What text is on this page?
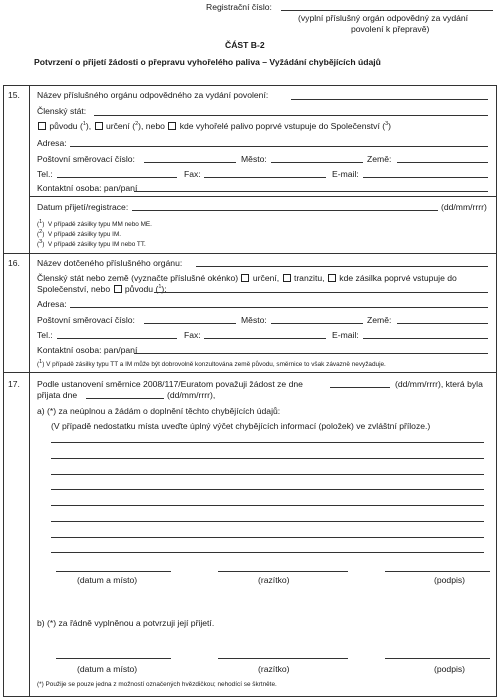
Registrační číslo:
(vyplní příslušný orgán odpovědný za vydání
povolení k přepravě)
ČÁST B-2
Potvrzení o přijetí žádosti o přepravu vyhořelého paliva – Vyžádání chybějících údajů
15. Název příslušného orgánu odpovědného za vydání povolení:
Členský stát:
původu ($^1$),  určení ($^2$), nebo  kde vyhořelé palivo poprvé vstupuje do Společenství ($^3$)
Adresa:
Poštovní směrovací číslo:	Město:	Země:
Tel.:	Fax:	E-mail:
Kontaktní osoba: pan/paní
Datum přijetí/registrace:	(dd/mm/rrrr)
($^1$)  V případě zásilky typu MM nebo ME.
($^2$)  V případě zásilky typu IM.
($^3$)  V případě zásilky typu IM nebo TT.
16. Název dotčeného příslušného orgánu:
Členský stát nebo země (vyznačte příslušné okénko) určení, tranzitu, kde zásilka poprvé vstupuje do
Společenství, nebo původu ($^1$):
Adresa:
Poštovní směrovací číslo:	Město:	Země:
Tel.:	Fax:	E-mail:
Kontaktní osoba: pan/paní
($^1$) V případě zásilky typu TT a IM může být dobrovolně konzultována země původu, směrnice to však závazně nevyžaduje.
17. Podle ustanovení směrnice 2008/117/Euratom považuji žádost ze dne	(dd/mm/rrrr), která byla
přijata dne	(dd/mm/rrrr),
a) (*) za neúplnou a žádám o doplnění těchto chybějících údajů:
(V případě nedostatku místa uveďte úplný výčet chybějících informací (položek) ve zvláštní příloze.)
(datum a místo)	(razítko)	(podpis)
b) (*) za řádně vyplněnou a potvrzuji její přijetí.
(datum a místo)	(razítko)	(podpis)
(*) Použije se pouze jedna z možností označených hvězdičkou; nehodící se škrtněte.
